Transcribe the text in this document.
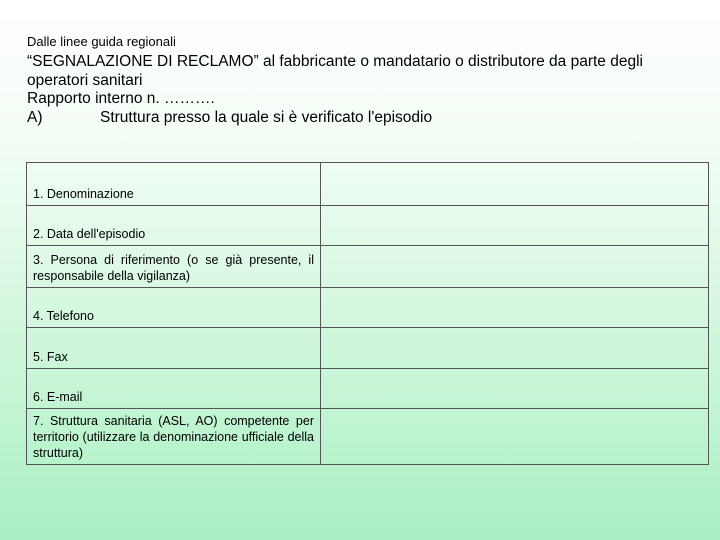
Dalle linee guida regionali

“SEGNALAZIONE DI RECLAMO” al fabbricante o mandatario o distributore da parte degli operatori sanitari

Rapporto interno n. ……….

A)	Struttura presso la quale si è verificato l'episodio

1. Denominazione	
2. Data dell'episodio	
3. Persona di riferimento (o se già presente, il responsabile della vigilanza)	
4. Telefono	
5. Fax	
6. E-mail	
7. Struttura sanitaria (ASL, AO) competente per territorio (utilizzare la denominazione ufficiale della struttura)	
